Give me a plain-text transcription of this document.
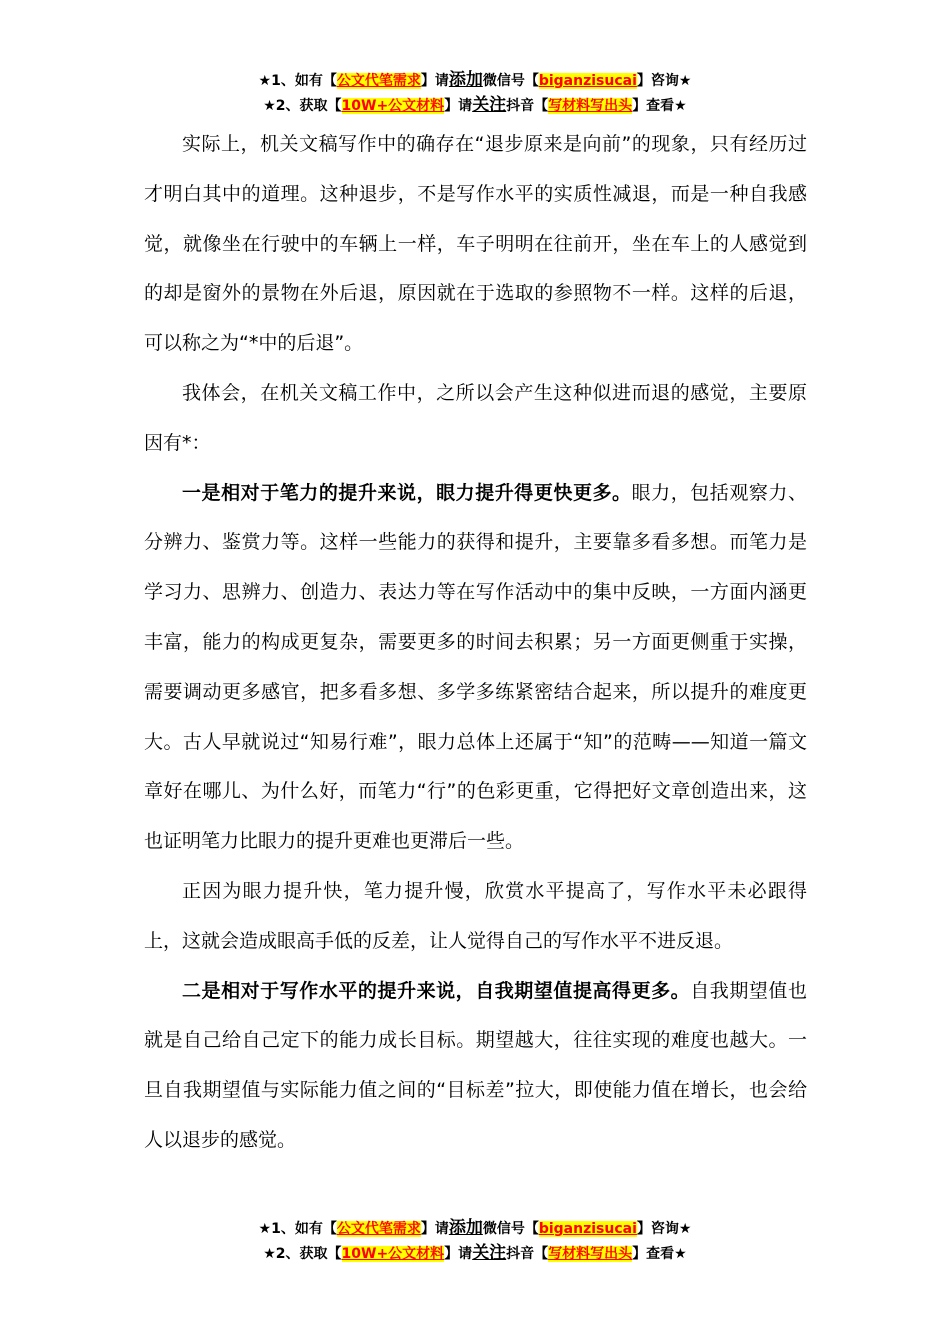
★1、如有【公文代笔需求】请添加微信号【biganzisucai】咨询★
★2、获取【10W+公文材料】请关注抖音【写材料写出头】查看★

实际上，机关文稿写作中的确存在“退步原来是向前”的现象，只有经历过才明白其中的道理。这种退步，不是写作水平的实质性减退，而是一种自我感觉，就像坐在行驶中的车辆上一样，车子明明在往前开，坐在车上的人感觉到的却是窗外的景物在外后退，原因就在于选取的参照物不一样。这样的后退，可以称之为“*中的后退”。

我体会，在机关文稿工作中，之所以会产生这种似进而退的感觉，主要原因有*：

一是相对于笔力的提升来说，眼力提升得更快更多。眼力，包括观察力、分辨力、鉴赏力等。这样一些能力的获得和提升，主要靠多看多想。而笔力是学习力、思辨力、创造力、表达力等在写作活动中的集中反映，一方面内涵更丰富，能力的构成更复杂，需要更多的时间去积累；另一方面更侧重于实操，需要调动更多感官，把多看多想、多学多练紧密结合起来，所以提升的难度更大。古人早就说过“知易行难”，眼力总体上还属于“知”的范畴——知道一篇文章好在哪儿、为什么好，而笔力“行”的色彩更重，它得把好文章创造出来，这也证明笔力比眼力的提升更难也更滞后一些。

正因为眼力提升快，笔力提升慢，欣赏水平提高了，写作水平未必跟得上，这就会造成眼高手低的反差，让人觉得自己的写作水平不进反退。

二是相对于写作水平的提升来说，自我期望值提高得更多。自我期望值也就是自己给自己定下的能力成长目标。期望越大，往往实现的难度也越大。一旦自我期望值与实际能力值之间的“目标差”拉大，即使能力值在增长，也会给人以退步的感觉。

★1、如有【公文代笔需求】请添加微信号【biganzisucai】咨询★
★2、获取【10W+公文材料】请关注抖音【写材料写出头】查看★
